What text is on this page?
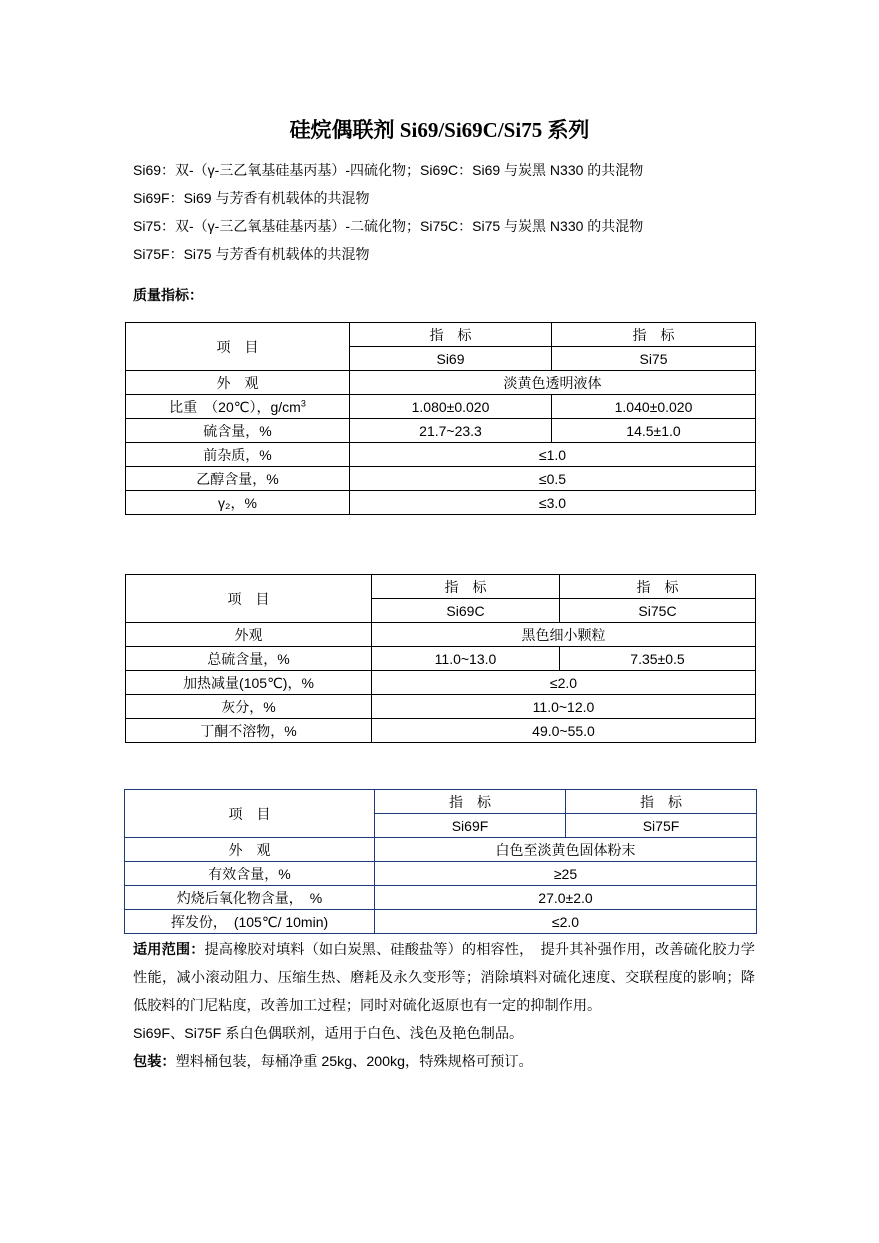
硅烷偶联剂 Si69/Si69C/Si75 系列
Si69：双-（γ-三乙氧基硅基丙基）-四硫化物；Si69C：Si69 与炭黑 N330 的共混物
Si69F：Si69 与芳香有机载体的共混物
Si75：双-（γ-三乙氧基硅基丙基）-二硫化物；Si75C：Si75 与炭黑 N330 的共混物
Si75F：Si75 与芳香有机载体的共混物
质量指标：
项　目	指　标	指　标
	Si69	Si75
外　观	淡黄色透明液体	
比重　（20℃），$g/cm^3$	1.080±0.020	1.040±0.020
硫含量，%	21.7~23.3	14.5±1.0
前杂质，%	≤1.0	
乙醇含量，%	≤0.5	
γ₂，%	≤3.0	
项　目	指　标	指　标
	Si69C	Si75C
外观	黑色细小颗粒	
总硫含量，%	11.0~13.0	7.35±0.5
加热减量(105℃)，%	≤2.0	
灰分，%	11.0~12.0	
丁酮不溶物，%	49.0~55.0	
项　目	指　标	指　标
	Si69F	Si75F
外　观	白色至淡黄色固体粉末	
有效含量，%	≥25	
灼烧后氧化物含量，　%	27.0±2.0	
挥发份，　(105℃/ 10min)	≤2.0	

适用范围：提高橡胶对填料（如白炭黑、硅酸盐等）的相容性，　提升其补强作用，改善硫化胶力学性能，减小滚动阻力、压缩生热、磨耗及永久变形等；消除填料对硫化速度、交联程度的影响；降低胶料的门尼粘度，改善加工过程；同时对硫化返原也有一定的抑制作用。

Si69F、Si75F 系白色偶联剂，适用于白色、浅色及艳色制品。

包装：塑料桶包装，每桶净重 25kg、200kg，特殊规格可预订。
